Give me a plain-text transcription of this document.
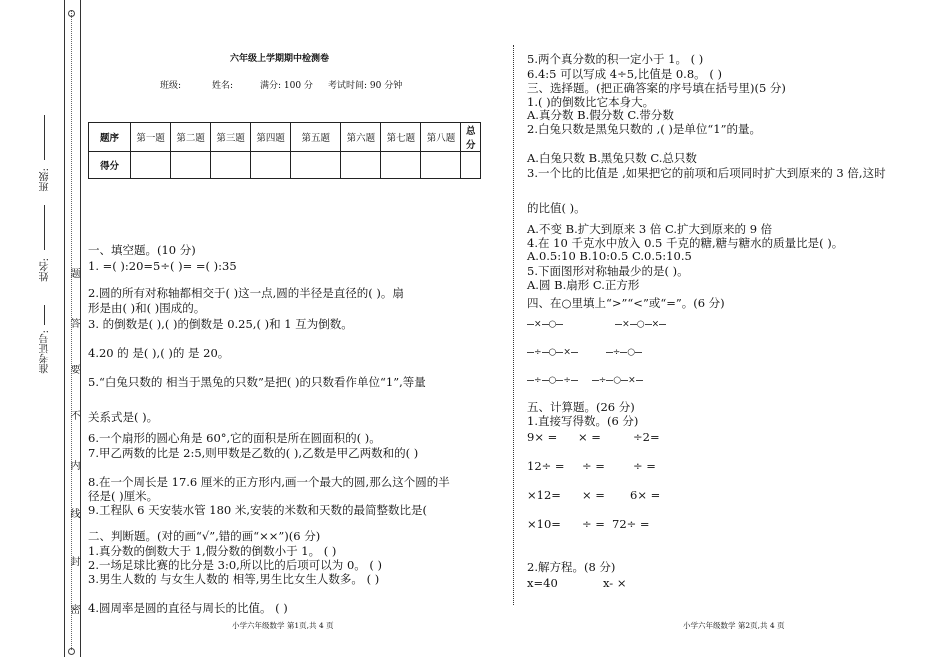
班级:
姓名:
准考证号:
题
答
要
不
内
线
封
密
六年级上学期期中检测卷
班级:	姓名:	满分: 100 分 考试时间: 90 分钟
题序	第一题	第二题	第三题	第四题	第五题	第六题	第七题	第八题	总分
得分									
一、填空题。(10 分)
1. =( ):20=5÷( )= =( ):35
2.圆的所有对称轴都相交于( )这一点,圆的半径是直径的( )。扇
形是由( )和( )围成的。
3. 的倒数是( ),( )的倒数是 0.25,( )和 1 互为倒数。
4.20 的 是( ),( )的 是 20。
5.“白兔只数的 相当于黑兔的只数”是把( )的只数看作单位“1”,等量
关系式是( )。
6.一个扇形的圆心角是 60°,它的面积是所在圆面积的( )。
7.甲乙两数的比是 2:5,则甲数是乙数的( ),乙数是甲乙两数和的( )
8.在一个周长是 17.6 厘米的正方形内,画一个最大的圆,那么这个圆的半
径是( )厘米。
9.工程队 6 天安装水管 180 米,安装的米数和天数的最简整数比是(
二、判断题。(对的画“√”,错的画“××”)(6 分)
1.真分数的倒数大于 1,假分数的倒数小于 1。 ( )
2.一场足球比赛的比分是 3:0,所以比的后项可以为 0。 ( )
3.男生人数的 与女生人数的 相等,男生比女生人数多。 ( )
4.圆周率是圆的直径与周长的比值。 ( )
小学六年级数学 第1页,共 4 页
5.两个真分数的积一定小于 1。 ( )
6.4:5 可以写成 4÷5,比值是 0.8。 ( )
三、选择题。(把正确答案的序号填在括号里)(5 分)
1.( )的倒数比它本身大。
A.真分数 B.假分数 C.带分数
2.白兔只数是黑兔只数的 ,( )是单位“1”的量。
A.白兔只数 B.黑兔只数 C.总只数
3.一个比的比值是 ,如果把它的前项和后项同时扩大到原来的 3 倍,这时
的比值( )。
A.不变 B.扩大到原来 3 倍 C.扩大到原来的 9 倍
4.在 10 千克水中放入 0.5 千克的糖,糖与糖水的质量比是( )。
A.0.5:10 B.10:0.5 C.0.5:10.5
5.下面图形对称轴最少的是( )。
A.圆 B.扇形 C.正方形
四、在○里填上“>”“<”或“=”。(6 分)
× ○	× ○ ×
÷ ○ ×	÷ ○
÷ ○ ÷	÷ ○ ×
五、计算题。(26 分)
1.直接写得数。(6 分)
9× = × =	÷2=
12÷ = ÷ = ÷ =
×12= × = 6× =
×10= ÷ = 72÷ =
2.解方程。(8 分)
x=40	x- ×
小学六年级数学 第2页,共 4 页
